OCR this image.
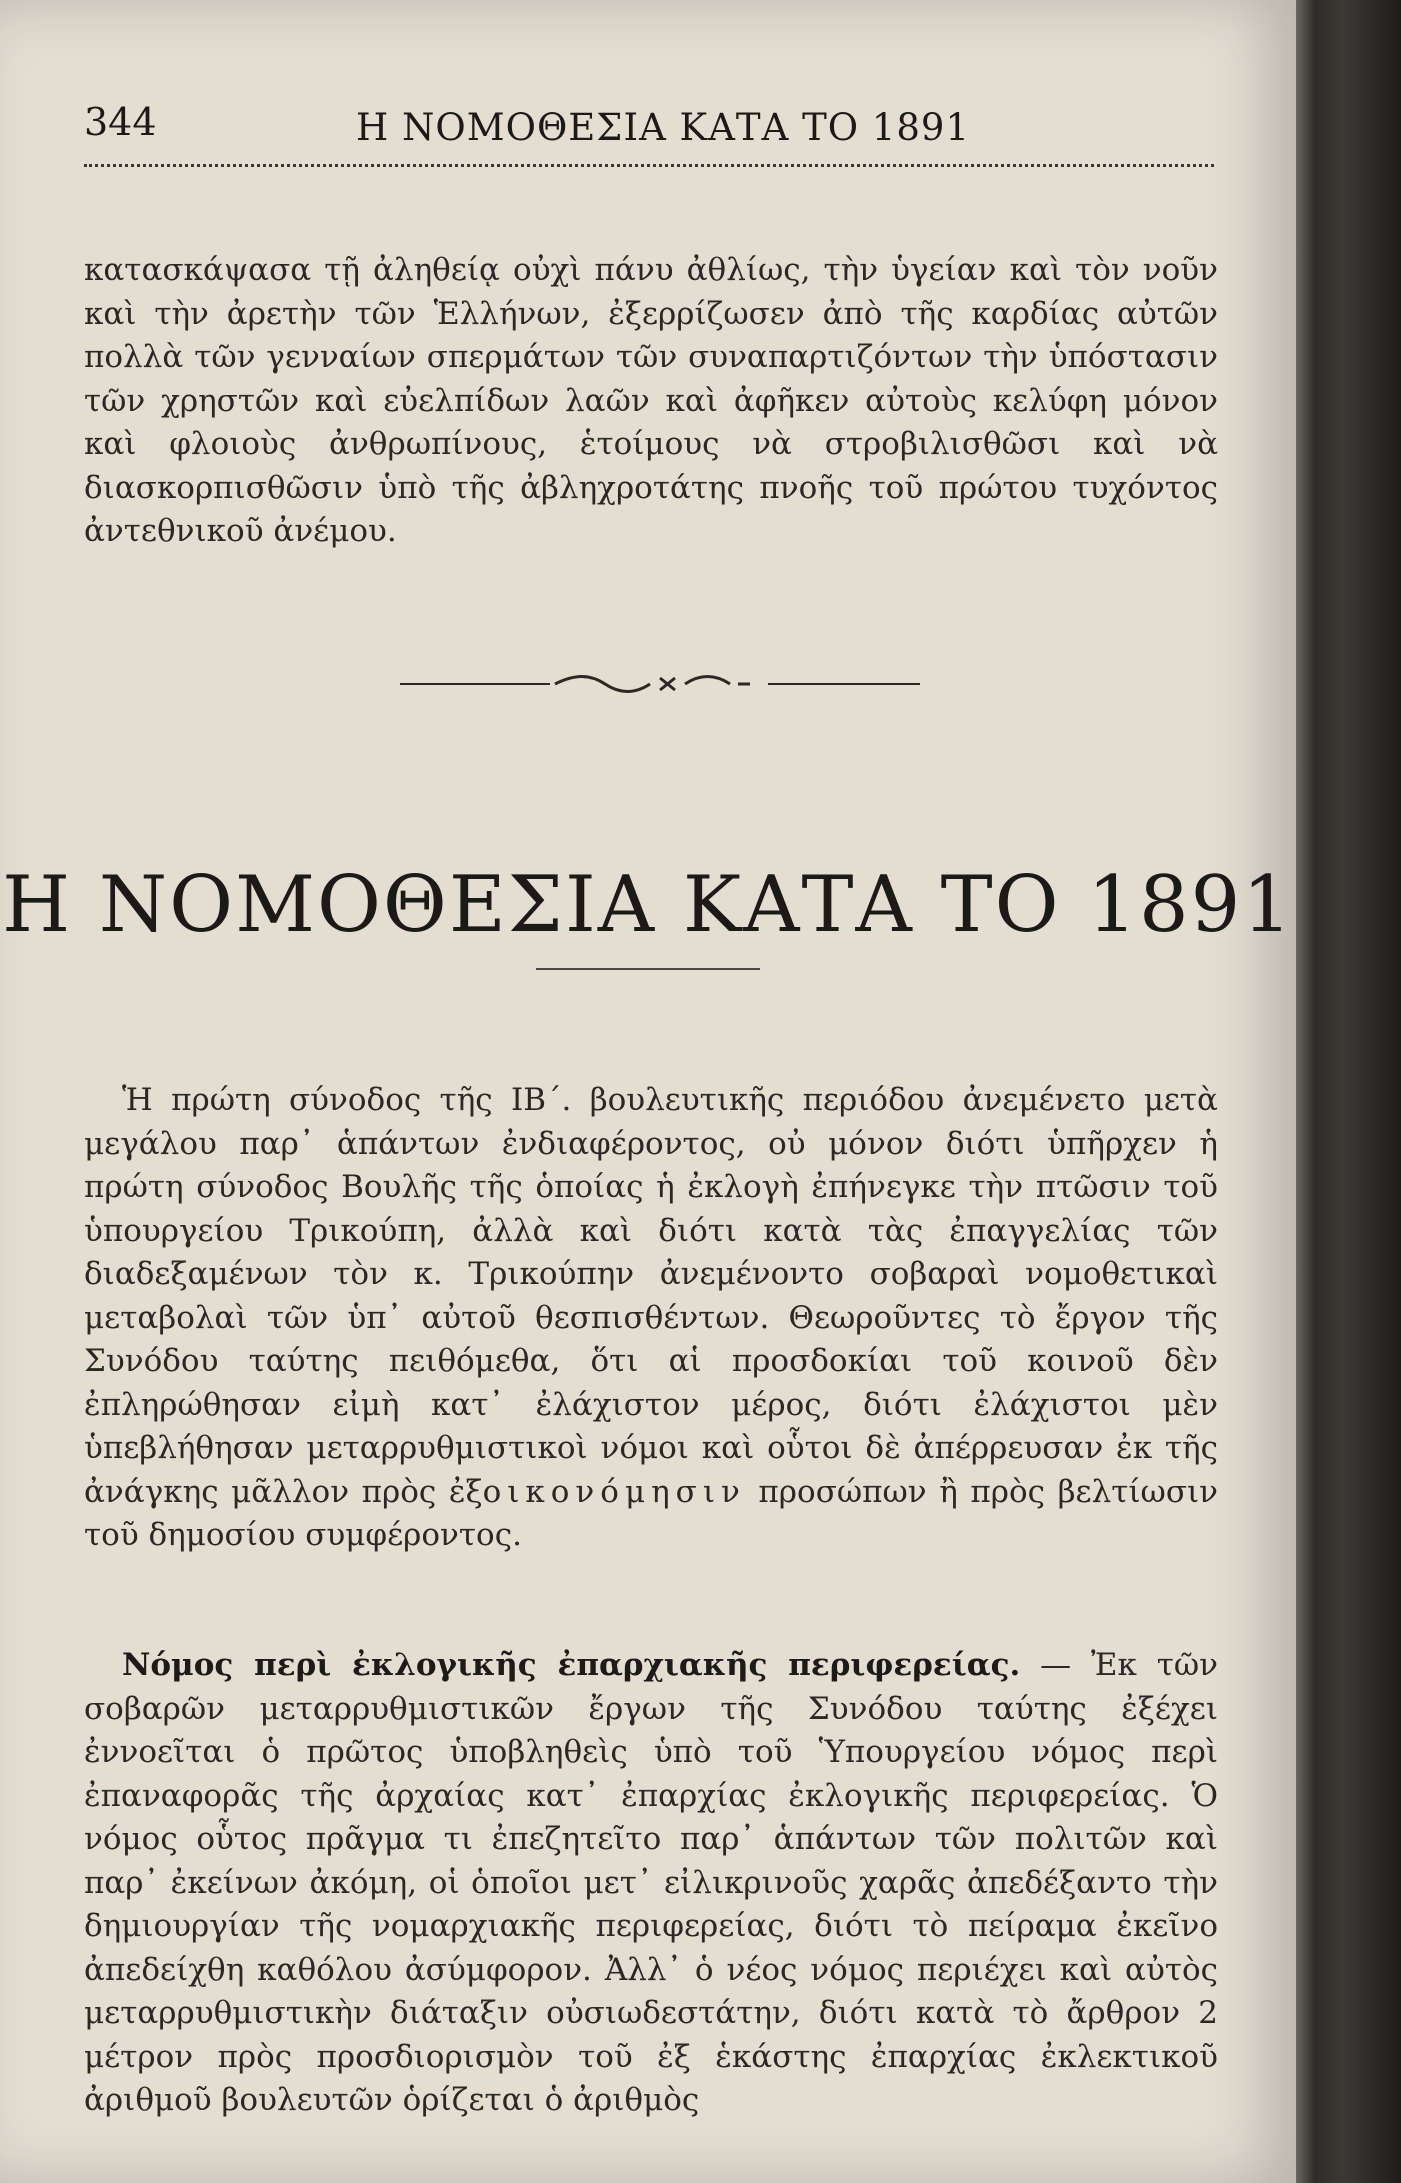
344	Η ΝΟΜΟΘΕΣΙΑ ΚΑΤΑ ΤΟ 1891

κατασκάψασα τῇ ἀληθείᾳ οὐχὶ πάνυ ἀθλίως, τὴν ὑγείαν καὶ τὸν νοῦν καὶ τὴν ἀρετὴν τῶν Ἑλλήνων, ἐξερρίζωσεν ἀπὸ τῆς καρδίας αὐτῶν πολλὰ τῶν γενναίων σπερμάτων τῶν συναπαρτιζόντων τὴν ὑπόστασιν τῶν χρηστῶν καὶ εὐελπίδων λαῶν καὶ ἀφῆκεν αὐτοὺς κελύφη μόνον καὶ φλοιοὺς ἀνθρωπίνους, ἑτοίμους νὰ στροβιλισθῶσι καὶ νὰ διασκορπισθῶσιν ὑπὸ τῆς ἀβληχροτάτης πνοῆς τοῦ πρώτου τυχόντος ἀντεθνικοῦ ἀνέμου.

Η ΝΟΜΟΘΕΣΙΑ ΚΑΤΑ ΤΟ 1891

Ἡ πρώτη σύνοδος τῆς ΙΒ΄. βουλευτικῆς περιόδου ἀνεμένετο μετὰ μεγάλου παρ᾽ ἁπάντων ἐνδιαφέροντος, οὐ μόνον διότι ὑπῆρχεν ἡ πρώτη σύνοδος Βουλῆς τῆς ὁποίας ἡ ἐκλογὴ ἐπήνεγκε τὴν πτῶσιν τοῦ ὑπουργείου Τρικούπη, ἀλλὰ καὶ διότι κατὰ τὰς ἐπαγγελίας τῶν διαδεξαμένων τὸν κ. Τρικούπην ἀνεμένοντο σοβαραὶ νομοθετικαὶ μεταβολαὶ τῶν ὑπ᾽ αὐτοῦ θεσπισθέντων. Θεωροῦντες τὸ ἔργον τῆς Συνόδου ταύτης πειθόμεθα, ὅτι αἱ προσδοκίαι τοῦ κοινοῦ δὲν ἐπληρώθησαν εἰμὴ κατ᾽ ἐλάχιστον μέρος, διότι ἐλάχιστοι μὲν ὑπεβλήθησαν μεταρρυθμιστικοὶ νόμοι καὶ οὗτοι δὲ ἀπέρρευσαν ἐκ τῆς ἀνάγκης μᾶλλον πρὸς ἐξοικονόμησιν προσώπων ἢ πρὸς βελτίωσιν τοῦ δημοσίου συμφέροντος.

Νόμος περὶ ἐκλογικῆς ἐπαρχιακῆς περιφερείας. — Ἐκ τῶν σοβαρῶν μεταρρυθμιστικῶν ἔργων τῆς Συνόδου ταύτης ἐξέχει ἐννοεῖται ὁ πρῶτος ὑποβληθεὶς ὑπὸ τοῦ Ὑπουργείου νόμος περὶ ἐπαναφορᾶς τῆς ἀρχαίας κατ᾽ ἐπαρχίας ἐκλογικῆς περιφερείας. Ὁ νόμος οὗτος πρᾶγμα τι ἐπεζητεῖτο παρ᾽ ἁπάντων τῶν πολιτῶν καὶ παρ᾽ ἐκείνων ἀκόμη, οἱ ὁποῖοι μετ᾽ εἰλικρινοῦς χαρᾶς ἀπεδέξαντο τὴν δημιουργίαν τῆς νομαρχιακῆς περιφερείας, διότι τὸ πείραμα ἐκεῖνο ἀπεδείχθη καθόλου ἀσύμφορον. Ἀλλ᾽ ὁ νέος νόμος περιέχει καὶ αὐτὸς μεταρρυθμιστικὴν διάταξιν οὐσιωδεστάτην, διότι κατὰ τὸ ἄρθρον 2 μέτρον πρὸς προσδιορισμὸν τοῦ ἐξ ἑκάστης ἐπαρχίας ἐκλεκτικοῦ ἀριθμοῦ βουλευτῶν ὁρίζεται ὁ ἀριθμὸς
